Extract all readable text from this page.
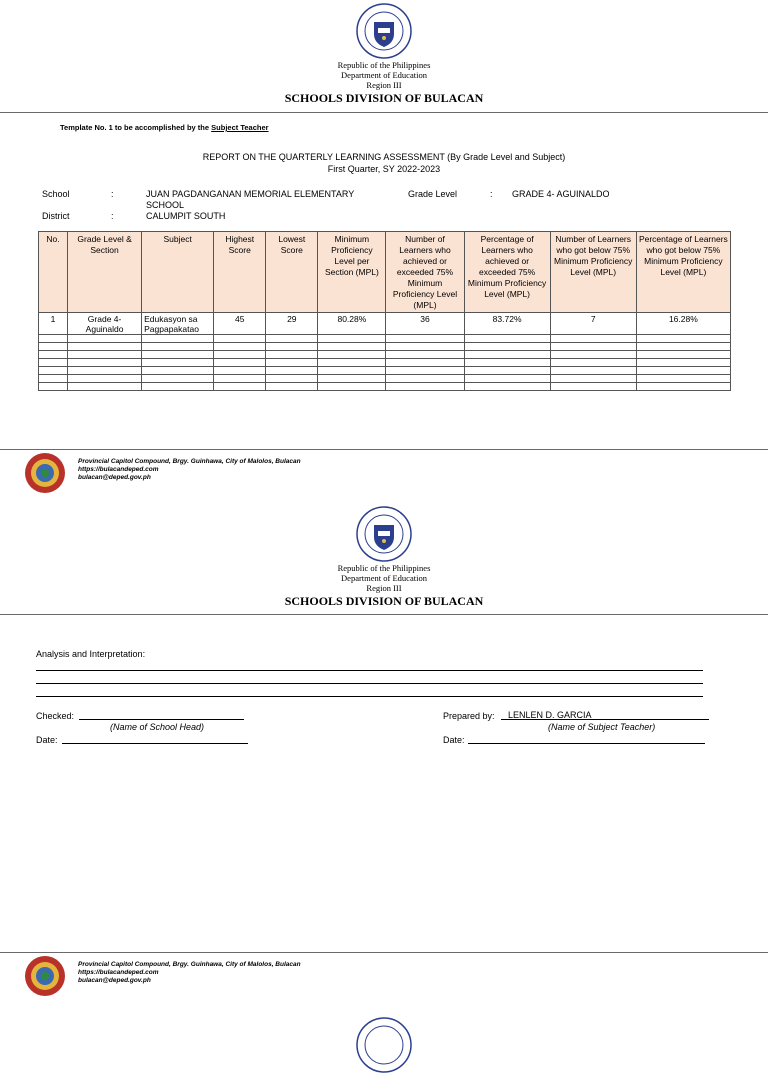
Republic of the Philippines
Department of Education
Region III
SCHOOLS DIVISION OF BULACAN
Template No. 1 to be accomplished by the Subject Teacher
REPORT ON THE QUARTERLY LEARNING ASSESSMENT (By Grade Level and Subject)
First Quarter, SY 2022-2023
School	:	JUAN PAGDANGANAN MEMORIAL ELEMENTARY
SCHOOL
Grade Level	: GRADE 4- AGUINALDO
District	:	CALUMPIT SOUTH
No.	Grade Level & Section	Subject	Highest Score	Lowest Score	Minimum Proficiency Level per Section (MPL)	Number of Learners who achieved or exceeded 75% Minimum Proficiency Level (MPL)	Percentage of Learners who achieved or exceeded 75% Minimum Proficiency Level (MPL)	Number of Learners who got below 75% Minimum Proficiency Level (MPL)	Percentage of Learners who got below 75% Minimum Proficiency Level (MPL)
1	Grade 4-Aguinaldo	Edukasyon sa Pagpapakatao	45	29	80.28%	36	83.72%	7	16.28%

Provincial Capitol Compound, Brgy. Guinhawa, City of Malolos, Bulacan
https://bulacandeped.com
bulacan@deped.gov.ph
Republic of the Philippines
Department of Education
Region III
SCHOOLS DIVISION OF BULACAN
Analysis and Interpretation:
Checked:
(Name of School Head)
Date:
Prepared by: LENLEN D. GARCIA
(Name of Subject Teacher)
Date:
Provincial Capitol Compound, Brgy. Guinhawa, City of Malolos, Bulacan
https://bulacandeped.com
bulacan@deped.gov.ph
